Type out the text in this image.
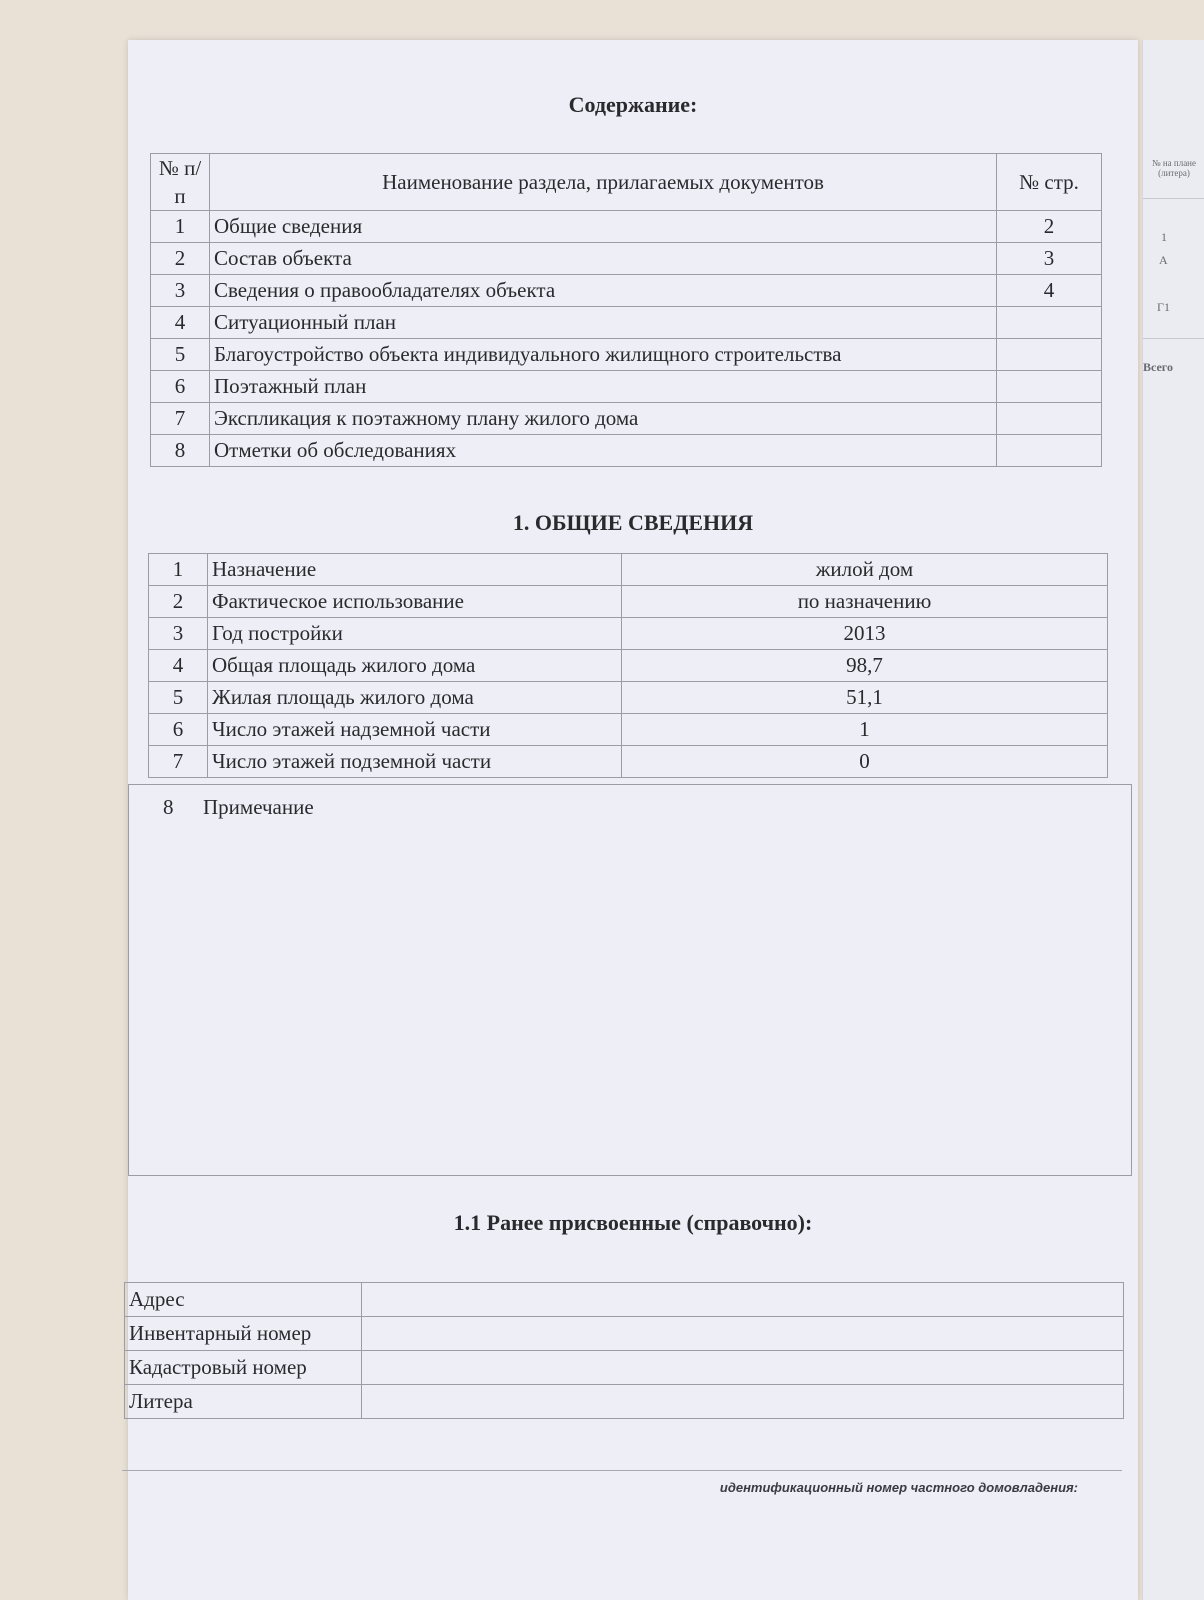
Содержание:
№ п/п	Наименование раздела, прилагаемых документов	№ стр.
1	Общие сведения	2
2	Состав объекта	3
3	Сведения о правообладателях объекта	4
4	Ситуационный план	
5	Благоустройство объекта индивидуального жилищного строительства	
6	Поэтажный план	
7	Экспликация к поэтажному плану жилого дома	
8	Отметки об обследованиях	
1. ОБЩИЕ СВЕДЕНИЯ
1	Назначение	жилой дом
2	Фактическое использование	по назначению
3	Год постройки	2013
4	Общая площадь жилого дома	98,7
5	Жилая площадь жилого дома	51,1
6	Число этажей надземной части	1
7	Число этажей подземной части	0
8 Примечание
1.1 Ранее присвоенные (справочно):
Адрес	
Инвентарный номер	
Кадастровый номер	
Литера	
идентификационный номер частного домовладения:
№ на плане (литера)
1
А
Г1
Всего
